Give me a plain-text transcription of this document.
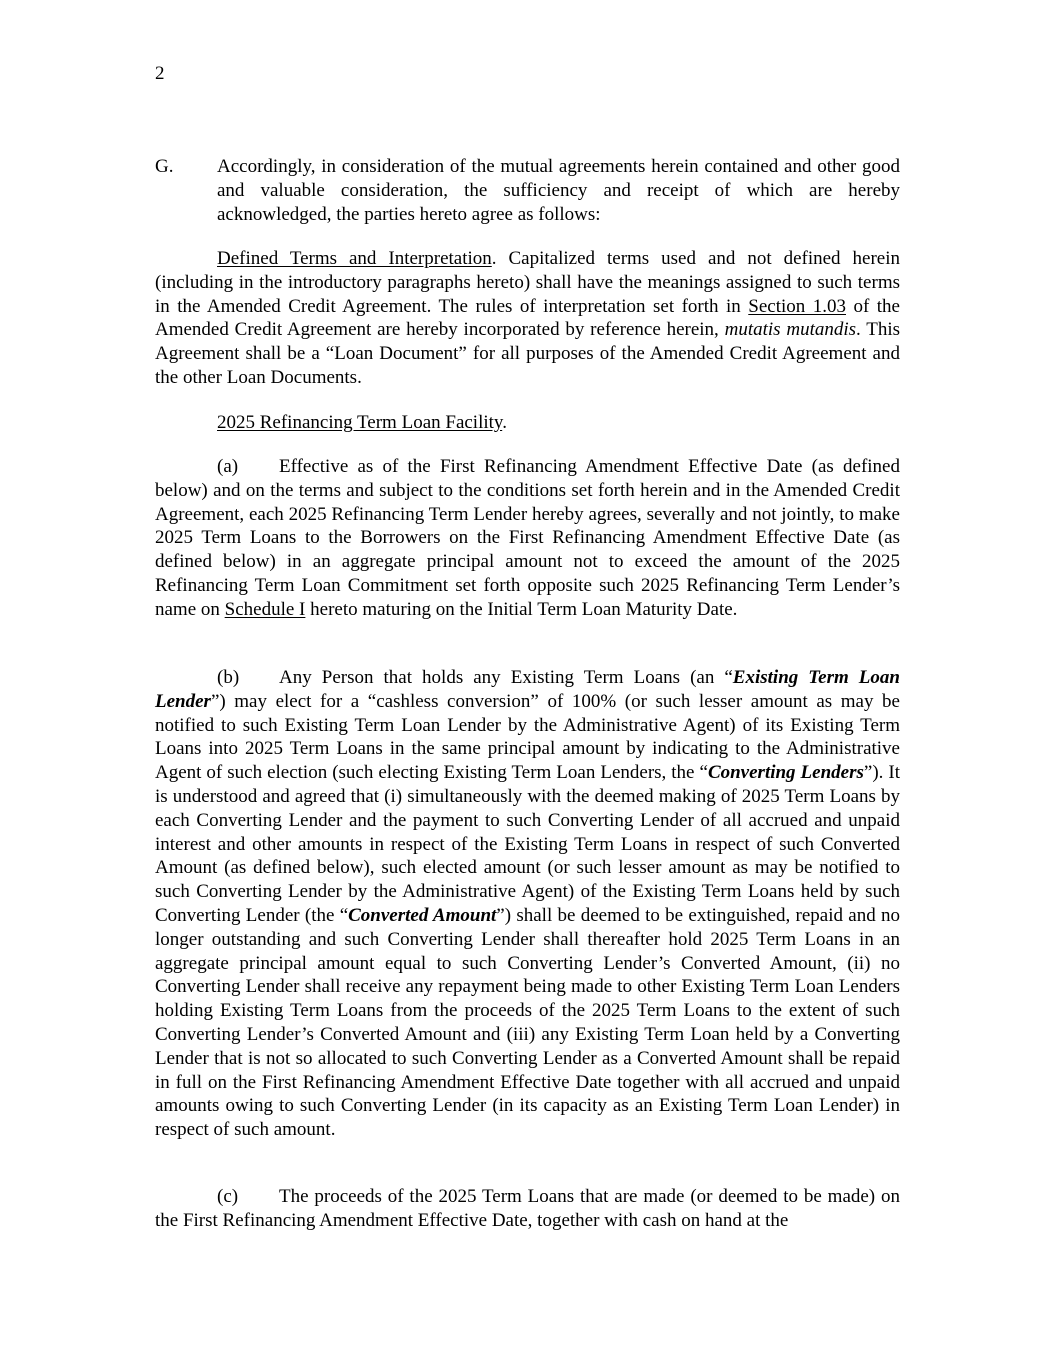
2
G. Accordingly, in consideration of the mutual agreements herein contained and other good and valuable consideration, the sufficiency and receipt of which are hereby acknowledged, the parties hereto agree as follows:

Defined Terms and Interpretation. Capitalized terms used and not defined herein (including in the introductory paragraphs hereto) shall have the meanings assigned to such terms in the Amended Credit Agreement. The rules of interpretation set forth in Section 1.03 of the Amended Credit Agreement are hereby incorporated by reference herein, mutatis mutandis. This Agreement shall be a “Loan Document” for all purposes of the Amended Credit Agreement and the other Loan Documents.

2025 Refinancing Term Loan Facility.

(a) Effective as of the First Refinancing Amendment Effective Date (as defined below) and on the terms and subject to the conditions set forth herein and in the Amended Credit Agreement, each 2025 Refinancing Term Lender hereby agrees, severally and not jointly, to make 2025 Term Loans to the Borrowers on the First Refinancing Amendment Effective Date (as defined below) in an aggregate principal amount not to exceed the amount of the 2025 Refinancing Term Loan Commitment set forth opposite such 2025 Refinancing Term Lender’s name on Schedule I hereto maturing on the Initial Term Loan Maturity Date.

(b) Any Person that holds any Existing Term Loans (an “Existing Term Loan Lender”) may elect for a “cashless conversion” of 100% (or such lesser amount as may be notified to such Existing Term Loan Lender by the Administrative Agent) of its Existing Term Loans into 2025 Term Loans in the same principal amount by indicating to the Administrative Agent of such election (such electing Existing Term Loan Lenders, the “Converting Lenders”). It is understood and agreed that (i) simultaneously with the deemed making of 2025 Term Loans by each Converting Lender and the payment to such Converting Lender of all accrued and unpaid interest and other amounts in respect of the Existing Term Loans in respect of such Converted Amount (as defined below), such elected amount (or such lesser amount as may be notified to such Converting Lender by the Administrative Agent) of the Existing Term Loans held by such Converting Lender (the “Converted Amount”) shall be deemed to be extinguished, repaid and no longer outstanding and such Converting Lender shall thereafter hold 2025 Term Loans in an aggregate principal amount equal to such Converting Lender’s Converted Amount, (ii) no Converting Lender shall receive any repayment being made to other Existing Term Loan Lenders holding Existing Term Loans from the proceeds of the 2025 Term Loans to the extent of such Converting Lender’s Converted Amount and (iii) any Existing Term Loan held by a Converting Lender that is not so allocated to such Converting Lender as a Converted Amount shall be repaid in full on the First Refinancing Amendment Effective Date together with all accrued and unpaid amounts owing to such Converting Lender (in its capacity as an Existing Term Loan Lender) in respect of such amount.

(c) The proceeds of the 2025 Term Loans that are made (or deemed to be made) on the First Refinancing Amendment Effective Date, together with cash on hand at the
